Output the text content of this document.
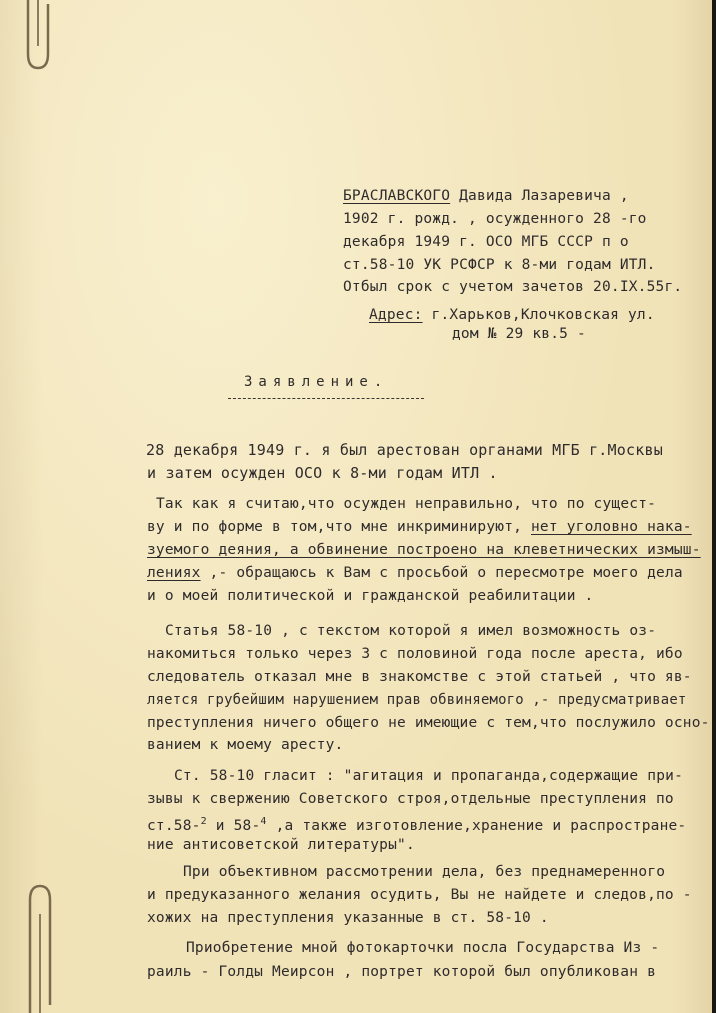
БРАСЛАВСКОГО Давида Лазаревича ,
1902 г. рожд. , осужденного 28 -го
декабря 1949 г. ОСО МГБ СССР п о
ст.58-10 УК РСФСР к 8-ми годам ИТЛ.
Отбыл срок с учетом зачетов 20.IX.55г.
Адрес: г.Харьков,Клочковская ул.
дом № 29 кв.5 -
Заявление.
28 декабря 1949 г. я был арестован органами МГБ г.Москвы
и затем осужден ОСО к 8-ми годам ИТЛ .
Так как я считаю,что осужден неправильно, что по сущест-
ву и по форме в том,что мне инкриминируют, нет уголовно нака-
зуемого деяния, а обвинение построено на клеветнических измыш-
лениях ,- обращаюсь к Вам с просьбой о пересмотре моего дела
и о моей политической и гражданской реабилитации .
Статья 58-10 , с текстом которой я имел возможность оз-
накомиться только через 3 с половиной года после ареста, ибо
следователь отказал мне в знакомстве с этой статьей , что яв-
ляется грубейшим нарушением прав обвиняемого ,- предусматривает
преступления ничего общего не имеющие с тем,что послужило осно-
ванием к моему аресту.
Ст. 58-10 гласит : "агитация и пропаганда,содержащие при-
зывы к свержению Советского строя,отдельные преступления по
ст.58-$^2$ и 58-$^4$ ,а также изготовление,хранение и распростране-
ние антисоветской литературы".
При объективном рассмотрении дела, без преднамеренного
и предуказанного желания осудить, Вы не найдете и следов,по -
хожих на преступления указанные в ст. 58-10 .
Приобретение мной фотокарточки посла Государства Из -
раиль - Голды Меирсон , портрет которой был опубликован в
